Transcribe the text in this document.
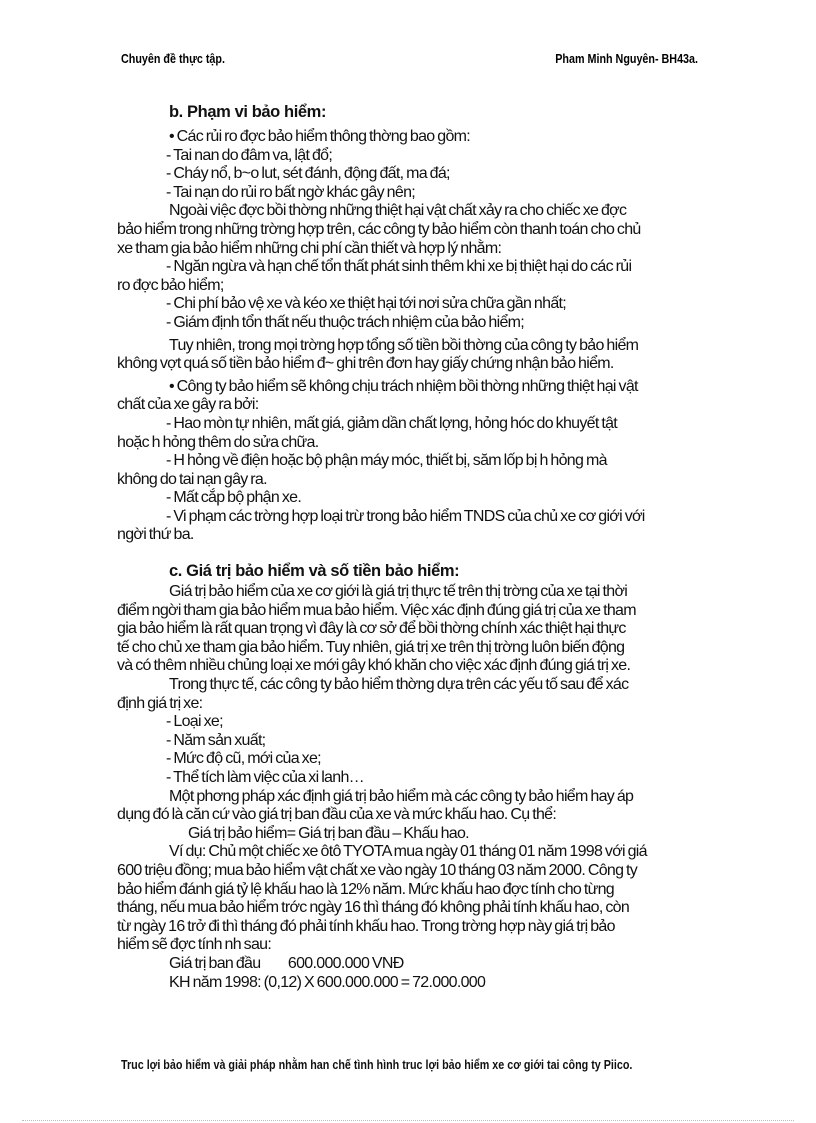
Chuyên đề thực tập.	Pham Minh Nguyên- BH43a.
b. Phạm vi bảo hiểm:
• Các rủi ro đợc bảo hiểm thông thờng bao gồm:
- Tai nan do đâm va, lật đổ;
- Cháy nổ, b~o lut, sét đánh, động đất, ma đá;
- Tai nạn do rủi ro bất ngờ khác gây nên;
Ngoài việc đợc bồi thờng những thiệt hại vật chất xảy ra cho chiếc xe đợc
bảo hiểm trong những trờng hợp trên, các công ty bảo hiểm còn thanh toán cho chủ
xe tham gia bảo hiểm những chi phí cần thiết và hợp lý nhằm:
- Ngăn ngừa và hạn chế tổn thất phát sinh thêm khi xe bị thiệt hại do các rủi
ro đợc bảo hiểm;
- Chi phí bảo vệ xe và kéo xe thiệt hại tới nơi sửa chữa gần nhất;
- Giám định tổn thất nếu thuộc trách nhiệm của bảo hiểm;
Tuy nhiên, trong mọi trờng hợp tổng số tiền bồi thờng của công ty bảo hiểm
không vợt quá số tiền bảo hiểm đ~ ghi trên đơn hay giấy chứng nhận bảo hiểm.
• Công ty bảo hiểm sẽ không chịu trách nhiệm bồi thờng những thiệt hại vật
chất của xe gây ra bởi:
- Hao mòn tự nhiên, mất giá, giảm dần chất lợng, hỏng hóc do khuyết tật
hoặc h hỏng thêm do sửa chữa.
- H hỏng về điện hoặc bộ phận máy móc, thiết bị, săm lốp bị h hỏng mà
không do tai nạn gây ra.
- Mất cắp bộ phận xe.
- Vi phạm các trờng hợp loại trừ trong bảo hiểm TNDS của chủ xe cơ giới với
ngời thứ ba.
c. Giá trị bảo hiểm và số tiền bảo hiểm:
Giá trị bảo hiểm của xe cơ giới là giá trị thực tế trên thị trờng của xe tại thời
điểm ngời tham gia bảo hiểm mua bảo hiểm. Việc xác định đúng giá trị của xe tham
gia bảo hiểm là rất quan trọng vì đây là cơ sở để bồi thờng chính xác thiệt hại thực
tế cho chủ xe tham gia bảo hiểm. Tuy nhiên, giá trị xe trên thị trờng luôn biến động
và có thêm nhiều chủng loại xe mới gây khó khăn cho việc xác định đúng giá trị xe.
Trong thực tế, các công ty bảo hiểm thờng dựa trên các yếu tố sau để xác
định giá trị xe:
- Loại xe;
- Năm sản xuất;
- Mức độ cũ, mới của xe;
- Thể tích làm việc của xi lanh…
Một phơng pháp xác định giá trị bảo hiểm mà các công ty bảo hiểm hay áp
dụng đó là căn cứ vào giá trị ban đầu của xe và mức khấu hao. Cụ thể:
Giá trị bảo hiểm= Giá trị ban đầu – Khấu hao.
Ví dụ: Chủ một chiếc xe ôtô TYOTA mua ngày 01 tháng 01 năm 1998 với giá
600 triệu đồng; mua bảo hiểm vật chất xe vào ngày 10 tháng 03 năm 2000. Công ty
bảo hiểm đánh giá tỷ lệ khấu hao là 12% năm. Mức khấu hao đợc tính cho từng
tháng, nếu mua bảo hiểm trớc ngày 16 thì tháng đó không phải tính khấu hao, còn
từ ngày 16 trở đi thì tháng đó phải tính khấu hao. Trong trờng hợp này giá trị bảo
hiểm sẽ đợc tính nh sau:
Giá trị ban đầu          600.000.000 VNĐ
KH năm 1998: (0,12) X 600.000.000 = 72.000.000
Truc lợi bảo hiểm và giải pháp nhằm han chế tình hình truc lợi bảo hiểm xe cơ giới tai công ty Piico.
